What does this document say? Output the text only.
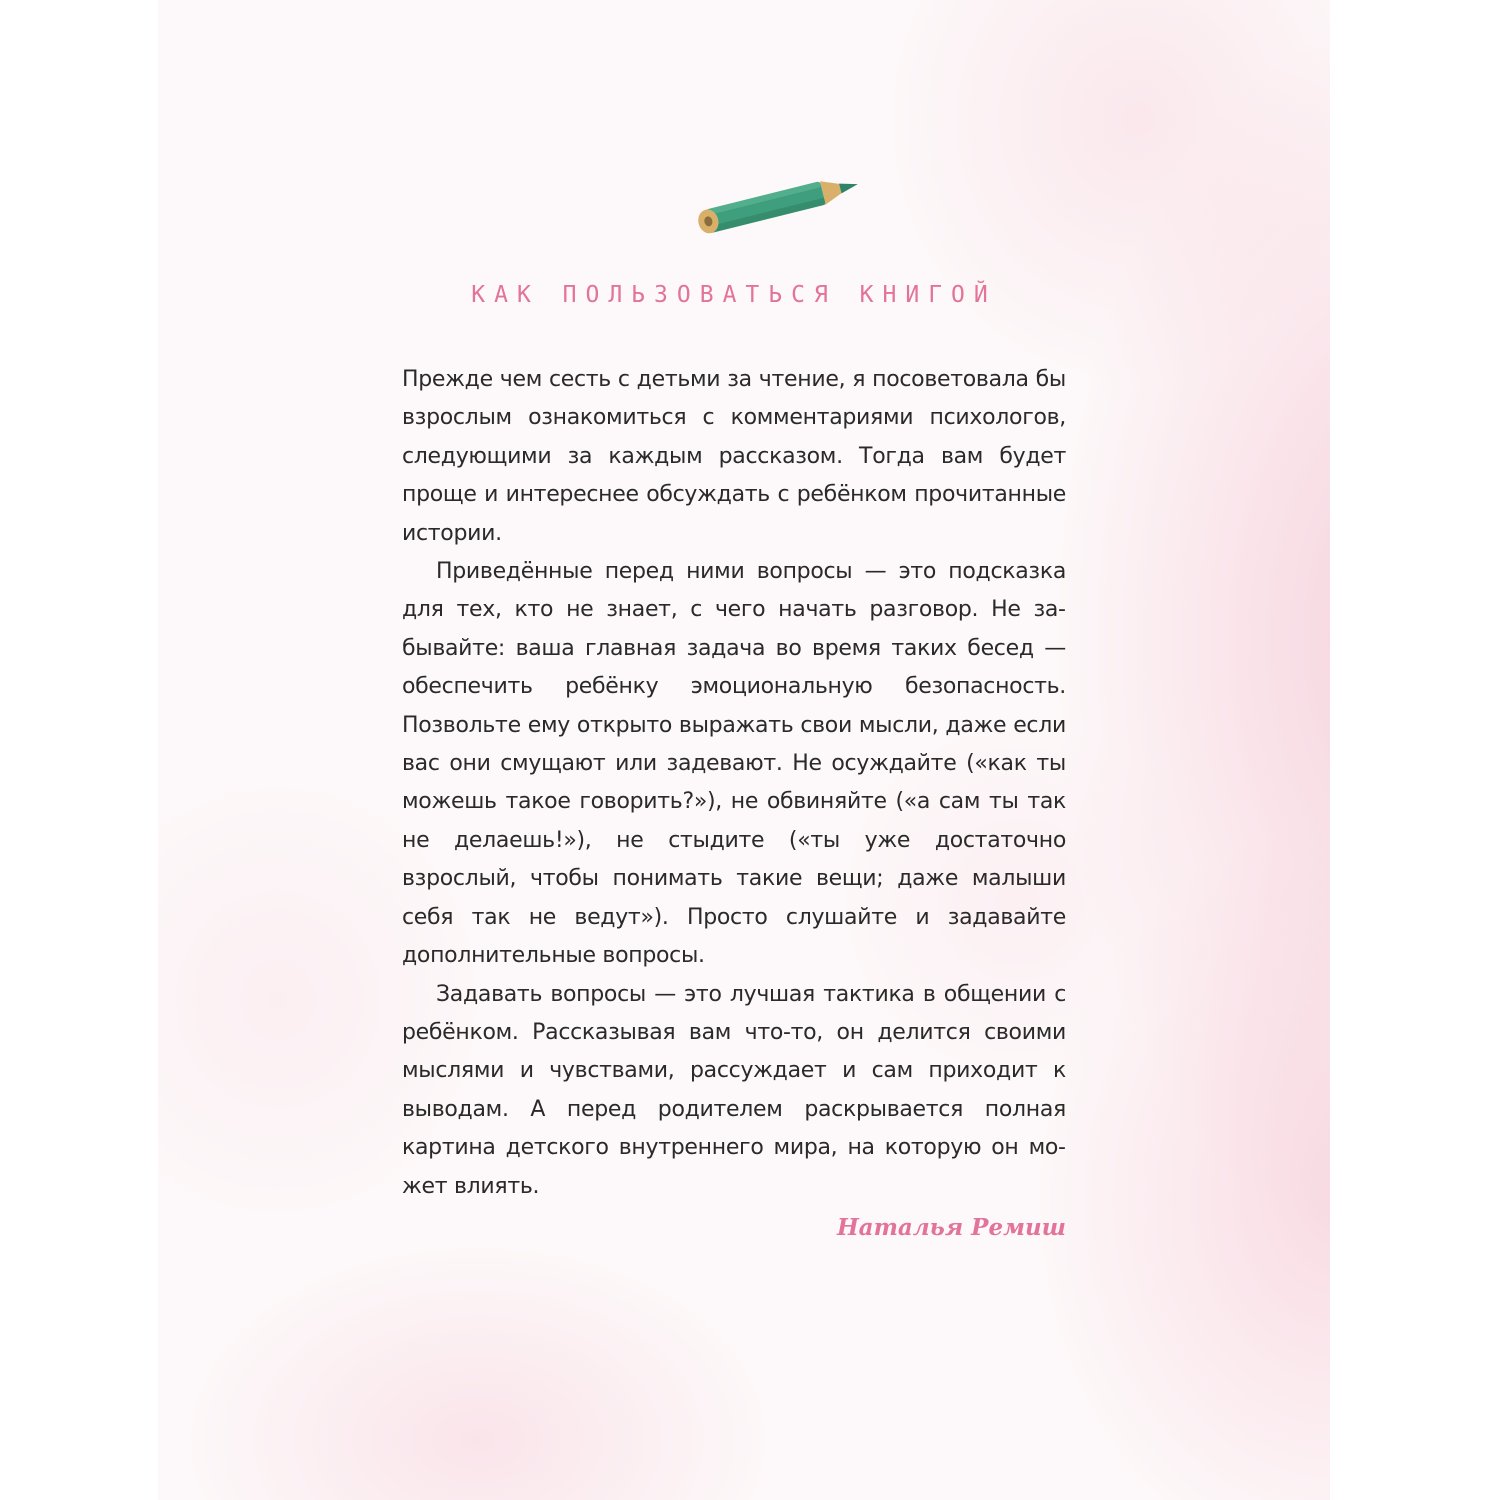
КАК ПОЛЬЗОВАТЬСЯ КНИГОЙ

Прежде чем сесть с детьми за чтение, я посоветовала бы взрослым ознакомиться с комментариями психологов, следующими за каждым рассказом. Тогда вам будет проще и интереснее обсуждать с ребёнком прочитанные истории.

Приведённые перед ними вопросы — это подсказка для тех, кто не знает, с чего начать разговор. Не забывайте: ваша главная задача во время таких бесед — обеспечить ребёнку эмоциональную безопасность. Позвольте ему открыто выражать свои мысли, даже если вас они смущают или задевают. Не осуждайте («как ты можешь такое говорить?»), не обвиняйте («а сам ты так не делаешь!»), не стыдите («ты уже достаточно взрослый, чтобы понимать такие вещи; даже малыши себя так не ведут»). Просто слушайте и задавайте дополнительные вопросы.

Задавать вопросы — это лучшая тактика в общении с ребёнком. Рассказывая вам что-то, он делится своими мыслями и чувствами, рассуждает и сам приходит к выводам. А перед родителем раскрывается полная картина детского внутреннего мира, на которую он может влиять.

Наталья Ремиш
